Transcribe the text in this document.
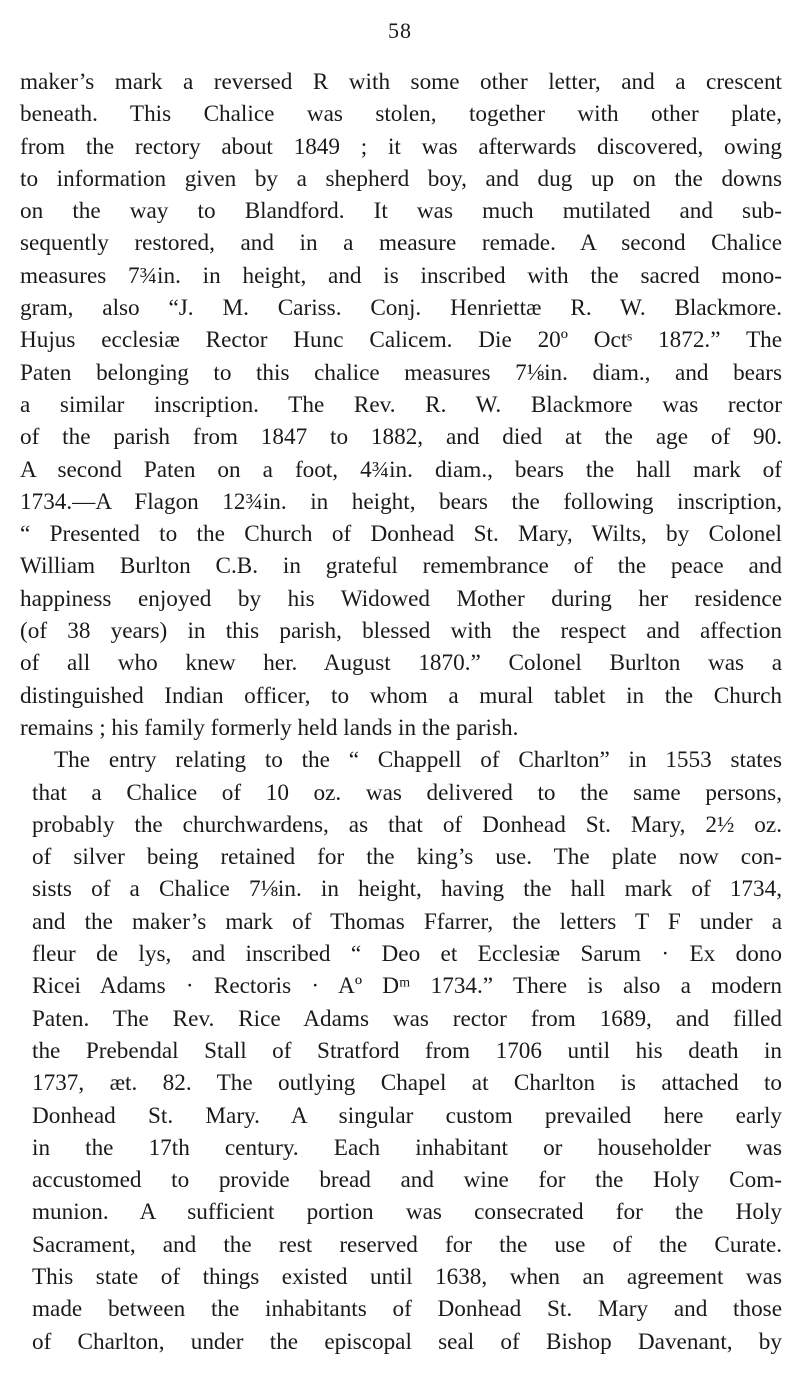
58
maker’s mark a reversed R with some other letter, and a crescent
beneath. This Chalice was stolen, together with other plate,
from the rectory about 1849 ; it was afterwards discovered, owing
to information given by a shepherd boy, and dug up on the downs
on the way to Blandford. It was much mutilated and sub-
sequently restored, and in a measure remade. A second Chalice
measures 7¾in. in height, and is inscribed with the sacred mono-
gram, also “J. M. Cariss. Conj. Henriettæ R. W. Blackmore.
Hujus ecclesiæ Rector Hunc Calicem. Die 20º Octˢ 1872.” The
Paten belonging to this chalice measures 7⅛in. diam., and bears
a similar inscription. The Rev. R. W. Blackmore was rector
of the parish from 1847 to 1882, and died at the age of 90.
A second Paten on a foot, 4¾in. diam., bears the hall mark of
1734.—A Flagon 12¾in. in height, bears the following inscription,
“ Presented to the Church of Donhead St. Mary, Wilts, by Colonel
William Burlton C.B. in grateful remembrance of the peace and
happiness enjoyed by his Widowed Mother during her residence
(of 38 years) in this parish, blessed with the respect and affection
of all who knew her. August 1870.” Colonel Burlton was a
distinguished Indian officer, to whom a mural tablet in the Church
remains ; his family formerly held lands in the parish.
The entry relating to the “ Chappell of Charlton” in 1553 states
that a Chalice of 10 oz. was delivered to the same persons,
probably the churchwardens, as that of Donhead St. Mary, 2½ oz.
of silver being retained for the king’s use. The plate now con-
sists of a Chalice 7⅛in. in height, having the hall mark of 1734,
and the maker’s mark of Thomas Ffarrer, the letters T F under a
fleur de lys, and inscribed “ Deo et Ecclesiæ Sarum · Ex dono
Ricei Adams · Rectoris · Aº Dᵐ 1734.” There is also a modern
Paten. The Rev. Rice Adams was rector from 1689, and filled
the Prebendal Stall of Stratford from 1706 until his death in
1737, æt. 82. The outlying Chapel at Charlton is attached to
Donhead St. Mary. A singular custom prevailed here early
in the 17th century. Each inhabitant or householder was
accustomed to provide bread and wine for the Holy Com-
munion. A sufficient portion was consecrated for the Holy
Sacrament, and the rest reserved for the use of the Curate.
This state of things existed until 1638, when an agreement was
made between the inhabitants of Donhead St. Mary and those
of Charlton, under the episcopal seal of Bishop Davenant, by
